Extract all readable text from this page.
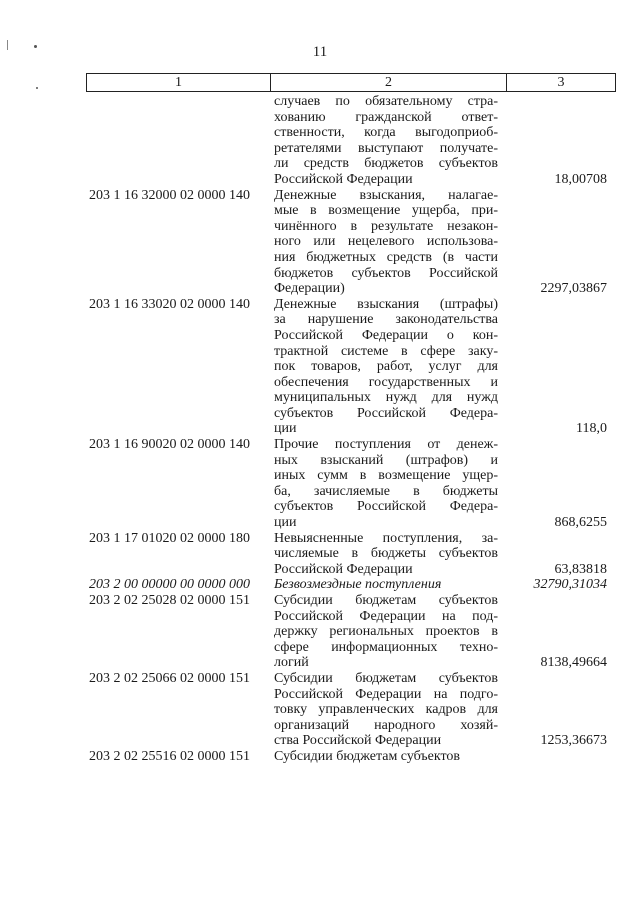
11
1	2	3
случаев по обязательному стра-
хованию гражданской ответ-
ственности, когда выгодоприоб-
ретателями выступают получате-
ли средств бюджетов субъектов
Российской Федерации	18,00708
203 1 16 32000 02 0000 140	Денежные взыскания, налагае-
мые в возмещение ущерба, при-
чинённого в результате незакон-
ного или нецелевого использова-
ния бюджетных средств (в части
бюджетов субъектов Российской
Федерации)	2297,03867
203 1 16 33020 02 0000 140	Денежные взыскания (штрафы)
за нарушение законодательства
Российской Федерации о кон-
трактной системе в сфере заку-
пок товаров, работ, услуг для
обеспечения государственных и
муниципальных нужд для нужд
субъектов Российской Федера-
ции	118,0
203 1 16 90020 02 0000 140	Прочие поступления от денеж-
ных взысканий (штрафов) и
иных сумм в возмещение ущер-
ба, зачисляемые в бюджеты
субъектов Российской Федера-
ции	868,6255
203 1 17 01020 02 0000 180	Невыясненные поступления, за-
числяемые в бюджеты субъектов
Российской Федерации	63,83818
203 2 00 00000 00 0000 000	Безвозмездные поступления	32790,31034
203 2 02 25028 02 0000 151	Субсидии бюджетам субъектов
Российской Федерации на под-
держку региональных проектов в
сфере информационных техно-
логий	8138,49664
203 2 02 25066 02 0000 151	Субсидии бюджетам субъектов
Российской Федерации на подго-
товку управленческих кадров для
организаций народного хозяй-
ства Российской Федерации	1253,36673
203 2 02 25516 02 0000 151	Субсидии бюджетам субъектов
